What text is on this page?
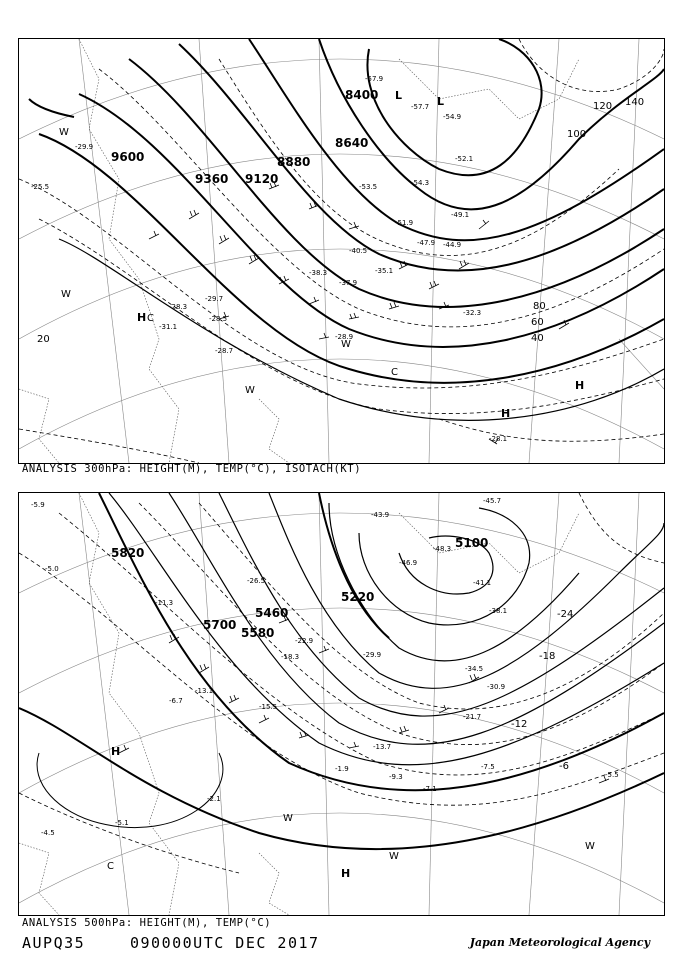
9600
9360 9120
8880
8640
8400
20	40
60
80
100
120 140
-25.5
-29.9
-28.3
-29.7
-28.5
-28.7
-31.1
-35.1
-40.5
-44.9
-47.9
-51.9
-53.5	-54.3
-57.9
-57.7
-54.9
-52.1
-49.1
-32.3
-28.9
-28.1
-37.9
-38.3
L	L
H
H
H
W
W
W
W
C
C
ANALYSIS 300hPa: HEIGHT(M), TEMP(°C), ISOTACH(KT)
5820
5700
5580
5460
5220
5100
-6
-12
-18
-24
-5.9
-5.0
-11.3
-13.1
-15.5
-18.3
-22.9
-26.5
-29.9
-34.5
-43.9
-46.9
-45.7
-48.3
-41.1
-38.1
-30.9
-21.7
-13.7
-7.5
-7.1
-5.5
-1.9
-2.1
-4.5
-5.1
-6.7
-9.3
H
H
W
W
W
C
ANALYSIS 500hPa: HEIGHT(M), TEMP(°C)
AUPQ35	090000UTC DEC 2017	Japan Meteorological Agency
